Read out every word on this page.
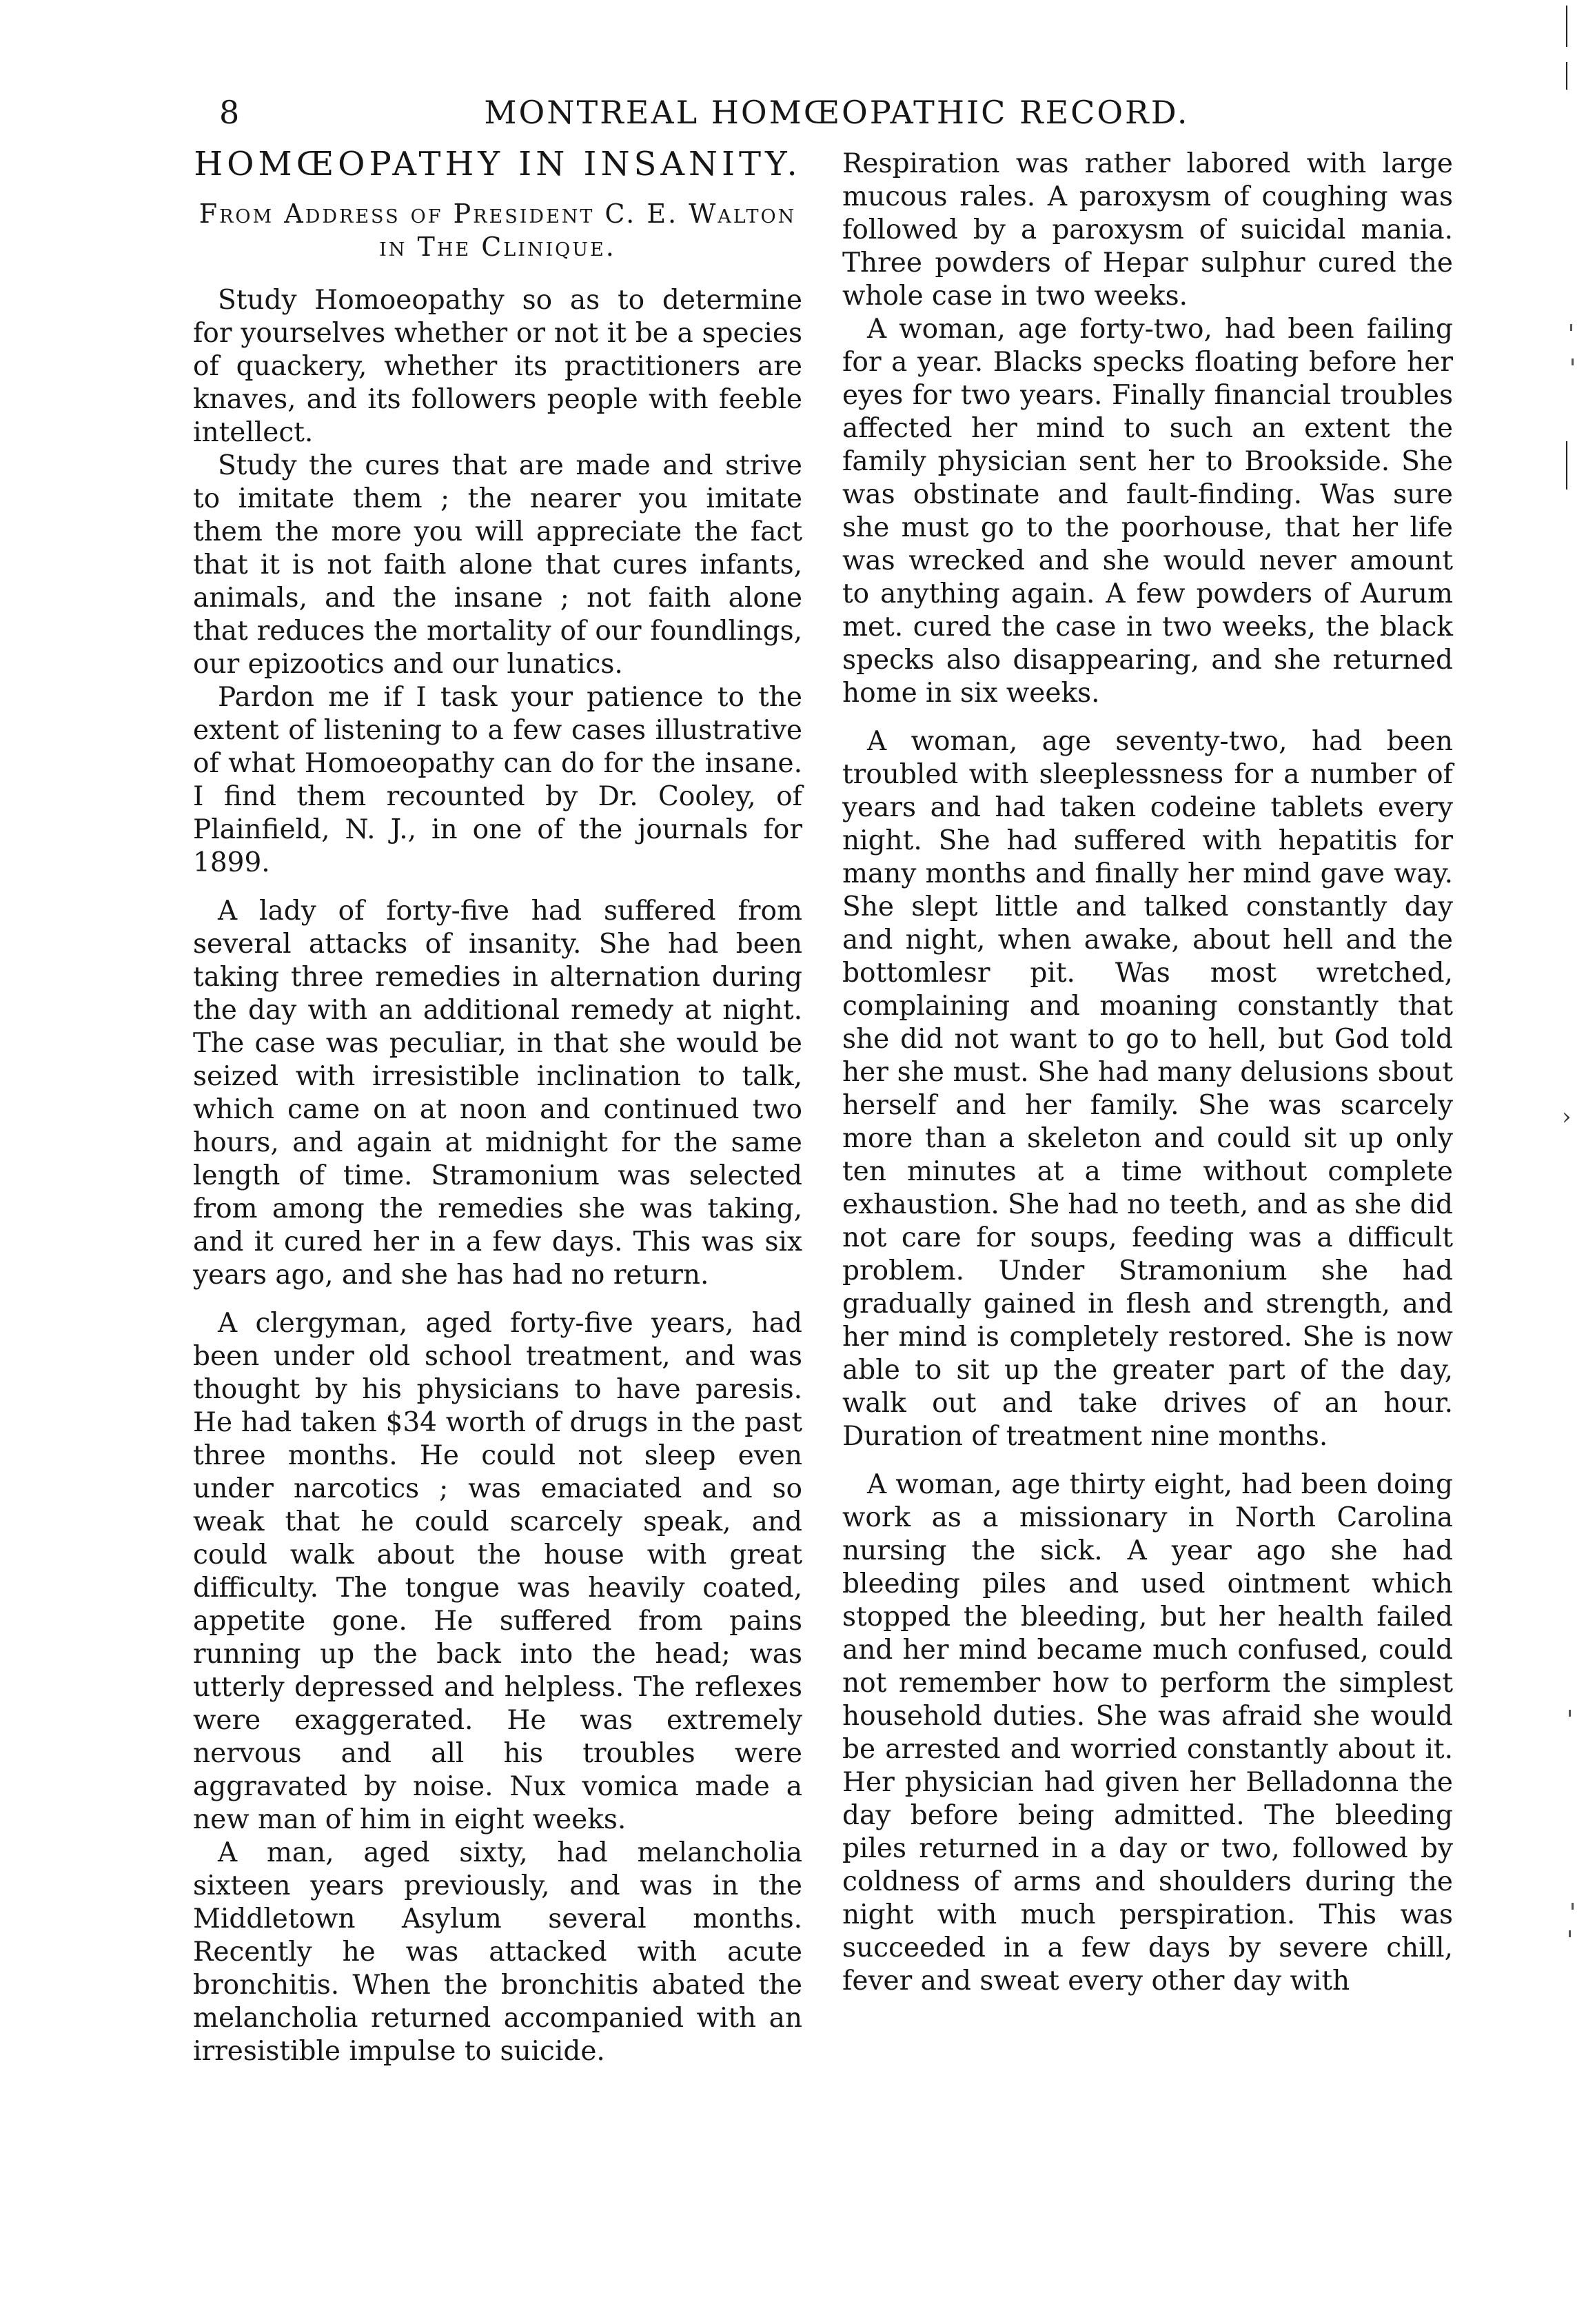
8	MONTREAL HOMŒOPATHIC RECORD.
HOMŒOPATHY IN INSANITY.
From Address of President C. E. Walton in The Clinique.

Study Homoeopathy so as to determine for yourselves whether or not it be a species of quackery, whether its practitioners are knaves, and its followers people with feeble intellect.

Study the cures that are made and strive to imitate them ; the nearer you imitate them the more you will appreciate the fact that it is not faith alone that cures infants, animals, and the insane ; not faith alone that reduces the mortality of our foundlings, our epizootics and our lunatics.

Pardon me if I task your patience to the extent of listening to a few cases illustrative of what Homoeopathy can do for the insane. I find them recounted by Dr. Cooley, of Plainfield, N. J., in one of the journals for 1899.

A lady of forty-five had suffered from several attacks of insanity. She had been taking three remedies in alternation during the day with an additional remedy at night. The case was peculiar, in that she would be seized with irresistible inclination to talk, which came on at noon and continued two hours, and again at midnight for the same length of time. Stramonium was selected from among the remedies she was taking, and it cured her in a few days. This was six years ago, and she has had no return.

A clergyman, aged forty-five years, had been under old school treatment, and was thought by his physicians to have paresis. He had taken $34 worth of drugs in the past three months. He could not sleep even under narcotics ; was emaciated and so weak that he could scarcely speak, and could walk about the house with great difficulty. The tongue was heavily coated, appetite gone. He suffered from pains running up the back into the head; was utterly depressed and helpless. The reflexes were exaggerated. He was extremely nervous and all his troubles were aggravated by noise. Nux vomica made a new man of him in eight weeks.

A man, aged sixty, had melancholia sixteen years previously, and was in the Middletown Asylum several months. Recently he was attacked with acute bronchitis. When the bronchitis abated the melancholia returned accompanied with an irresistible impulse to suicide.

Respiration was rather labored with large mucous rales. A paroxysm of coughing was followed by a paroxysm of suicidal mania. Three powders of Hepar sulphur cured the whole case in two weeks.

A woman, age forty-two, had been failing for a year. Blacks specks floating before her eyes for two years. Finally financial troubles affected her mind to such an extent the family physician sent her to Brookside. She was obstinate and fault-finding. Was sure she must go to the poorhouse, that her life was wrecked and she would never amount to anything again. A few powders of Aurum met. cured the case in two weeks, the black specks also disappearing, and she returned home in six weeks.

A woman, age seventy-two, had been troubled with sleeplessness for a number of years and had taken codeine tablets every night. She had suffered with hepatitis for many months and finally her mind gave way. She slept little and talked constantly day and night, when awake, about hell and the bottomlesr pit. Was most wretched, complaining and moaning constantly that she did not want to go to hell, but God told her she must. She had many delusions sbout herself and her family. She was scarcely more than a skeleton and could sit up only ten minutes at a time without complete exhaustion. She had no teeth, and as she did not care for soups, feeding was a difficult problem. Under Stramonium she had gradually gained in flesh and strength, and her mind is completely restored. She is now able to sit up the greater part of the day, walk out and take drives of an hour. Duration of treatment nine months.

A woman, age thirty eight, had been doing work as a missionary in North Carolina nursing the sick. A year ago she had bleeding piles and used ointment which stopped the bleeding, but her health failed and her mind became much confused, could not remember how to perform the simplest household duties. She was afraid she would be arrested and worried constantly about it. Her physician had given her Belladonna the day before being admitted. The bleeding piles returned in a day or two, followed by coldness of arms and shoulders during the night with much perspiration. This was succeeded in a few days by severe chill, fever and sweat every other day with

›
